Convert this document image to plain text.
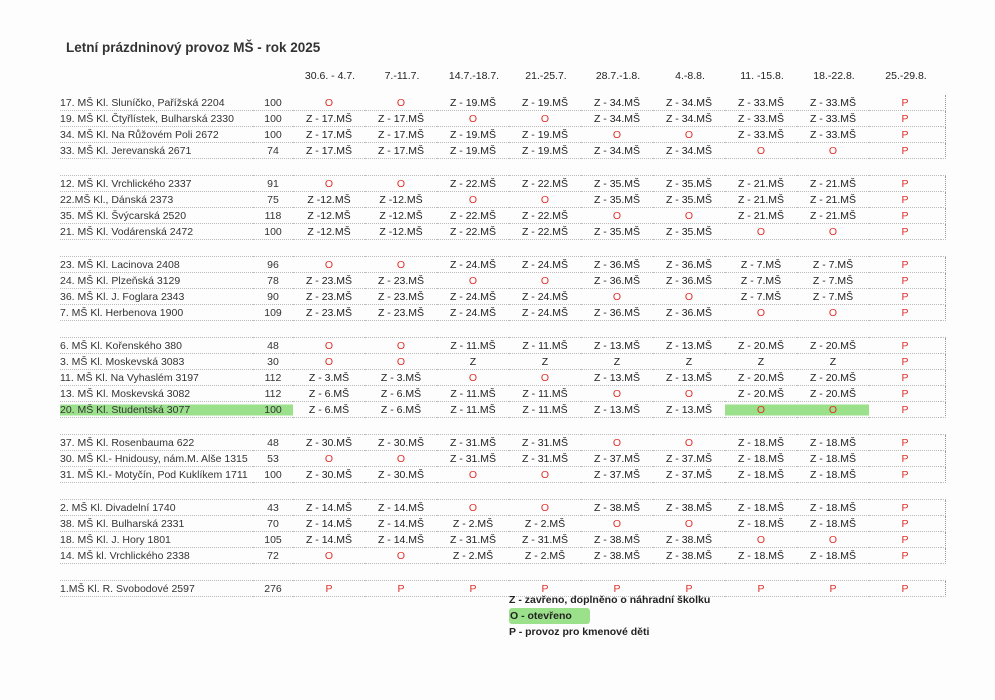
Letní prázdninový provoz MŠ - rok 2025
30.6. - 4.7.	7.-11.7.	14.7.-18.7.	21.-25.7.	28.7.-1.8.	4.-8.8.	11. -15.8.	18.-22.8.	25.-29.8.
17. MŠ Kl. Sluníčko, Pařížská 2204	100	O	O	Z - 19.MŠ	Z - 19.MŠ	Z - 34.MŠ	Z - 34.MŠ	Z - 33.MŠ	Z - 33.MŠ	P	
19. MŠ Kl. Čtyřlístek, Bulharská 2330	100	Z - 17.MŠ	Z - 17.MŠ	O	O	Z - 34.MŠ	Z - 34.MŠ	Z - 33.MŠ	Z - 33.MŠ	P	
34. MŠ Kl. Na Růžovém Poli 2672	100	Z - 17.MŠ	Z - 17.MŠ	Z - 19.MŠ	Z - 19.MŠ	O	O	Z - 33.MŠ	Z - 33.MŠ	P	
33. MŠ Kl. Jerevanská 2671	74	Z - 17.MŠ	Z - 17.MŠ	Z - 19.MŠ	Z - 19.MŠ	Z - 34.MŠ	Z - 34.MŠ	O	O	P	

12. MŠ Kl. Vrchlického 2337	91	O	O	Z - 22.MŠ	Z - 22.MŠ	Z - 35.MŠ	Z - 35.MŠ	Z - 21.MŠ	Z - 21.MŠ	P	
22.MŠ Kl., Dánská 2373	75	Z -12.MŠ	Z -12.MŠ	O	O	Z - 35.MŠ	Z - 35.MŠ	Z - 21.MŠ	Z - 21.MŠ	P	
35. MŠ Kl. Švýcarská 2520	118	Z -12.MŠ	Z -12.MŠ	Z - 22.MŠ	Z - 22.MŠ	O	O	Z - 21.MŠ	Z - 21.MŠ	P	
21. MŠ Kl. Vodárenská 2472	100	Z -12.MŠ	Z -12.MŠ	Z - 22.MŠ	Z - 22.MŠ	Z - 35.MŠ	Z - 35.MŠ	O	O	P	

23. MŠ Kl. Lacinova 2408	96	O	O	Z - 24.MŠ	Z - 24.MŠ	Z - 36.MŠ	Z - 36.MŠ	Z - 7.MŠ	Z - 7.MŠ	P	
24. MŠ Kl. Plzeňská 3129	78	Z - 23.MŠ	Z - 23.MŠ	O	O	Z - 36.MŠ	Z - 36.MŠ	Z - 7.MŠ	Z - 7.MŠ	P	
36. MŠ Kl. J. Foglara 2343	90	Z - 23.MŠ	Z - 23.MŠ	Z - 24.MŠ	Z - 24.MŠ	O	O	Z - 7.MŠ	Z - 7.MŠ	P	
7. MŠ Kl. Herbenova 1900	109	Z - 23.MŠ	Z - 23.MŠ	Z - 24.MŠ	Z - 24.MŠ	Z - 36.MŠ	Z - 36.MŠ	O	O	P	

6. MŠ Kl. Kořenského 380	48	O	O	Z - 11.MŠ	Z - 11.MŠ	Z - 13.MŠ	Z - 13.MŠ	Z - 20.MŠ	Z - 20.MŠ	P	
3. MŠ Kl. Moskevská 3083	30	O	O	Z	Z	Z	Z	Z	Z	P	
11. MŠ Kl. Na Vyhaslém 3197	112	Z - 3.MŠ	Z - 3.MŠ	O	O	Z - 13.MŠ	Z - 13.MŠ	Z - 20.MŠ	Z - 20.MŠ	P	
13. MŠ Kl. Moskevská 3082	112	Z - 6.MŠ	Z - 6.MŠ	Z - 11.MŠ	Z - 11.MŠ	O	O	Z - 20.MŠ	Z - 20.MŠ	P	
20. MŠ Kl. Studentská 3077	100	Z - 6.MŠ	Z - 6.MŠ	Z - 11.MŠ	Z - 11.MŠ	Z - 13.MŠ	Z - 13.MŠ	O	O	P	

37. MŠ Kl. Rosenbauma 622	48	Z - 30.MŠ	Z - 30.MŠ	Z - 31.MŠ	Z - 31.MŠ	O	O	Z - 18.MŠ	Z - 18.MŠ	P	
30. MŠ Kl.- Hnidousy, nám.M. Alše 1315	53	O	O	Z - 31.MŠ	Z - 31.MŠ	Z - 37.MŠ	Z - 37.MŠ	Z - 18.MŠ	Z - 18.MŠ	P	
31. MŠ Kl.- Motyčín, Pod Kuklíkem 1711	100	Z - 30.MŠ	Z - 30.MŠ	O	O	Z - 37.MŠ	Z - 37.MŠ	Z - 18.MŠ	Z - 18.MŠ	P	

2. MŠ Kl. Divadelní 1740	43	Z - 14.MŠ	Z - 14.MŠ	O	O	Z - 38.MŠ	Z - 38.MŠ	Z - 18.MŠ	Z - 18.MŠ	P	
38. MŠ Kl. Bulharská 2331	70	Z - 14.MŠ	Z - 14.MŠ	Z - 2.MŠ	Z - 2.MŠ	O	O	Z - 18.MŠ	Z - 18.MŠ	P	
18. MŠ Kl. J. Hory 1801	105	Z - 14.MŠ	Z - 14.MŠ	Z - 31.MŠ	Z - 31.MŠ	Z - 38.MŠ	Z - 38.MŠ	O	O	P	
14. MŠ kl. Vrchlického 2338	72	O	O	Z - 2.MŠ	Z - 2.MŠ	Z - 38.MŠ	Z - 38.MŠ	Z - 18.MŠ	Z - 18.MŠ	P	

1.MŠ Kl. R. Svobodové 2597	276	P	P	P	P	P	P	P	P	P	
Z - zavřeno, doplněno o náhradní školku
O - otevřeno
P - provoz pro kmenové děti
